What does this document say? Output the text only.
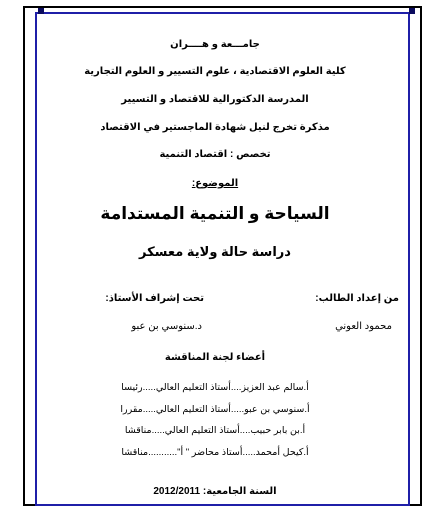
جامـــعة و هــــران
كلية العلوم الاقتصادية ، علوم التسيير و العلوم التجارية
المدرسة الدكتورالية للاقتصاد و التسيير
مذكرة تخرج لنيل شهادة الماجستير في الاقتصاد
تخصص : اقتصاد التنمية
الموضوع:
السياحة و التنمية المستدامة
دراسة حالة ولاية معسكر
من إعداد الطالب:
تحت إشراف الأستاذ:
محمود العوني
د.سنوسي بن عبو
أعضاء لجنة المناقشة
أ.سالم عبد العزيز....أستاذ التعليم العالي.....رئيسا
أ.سنوسي بن عبو.....أستاذ التعليم العالي.....مقررا
أ.بن بابر حبيب....أستاذ التعليم العالي.....مناقشا
أ.كيحل أمحمد.....أستاذ محاضر " أ"...........مناقشا
السنة الجامعية: 2012/2011
